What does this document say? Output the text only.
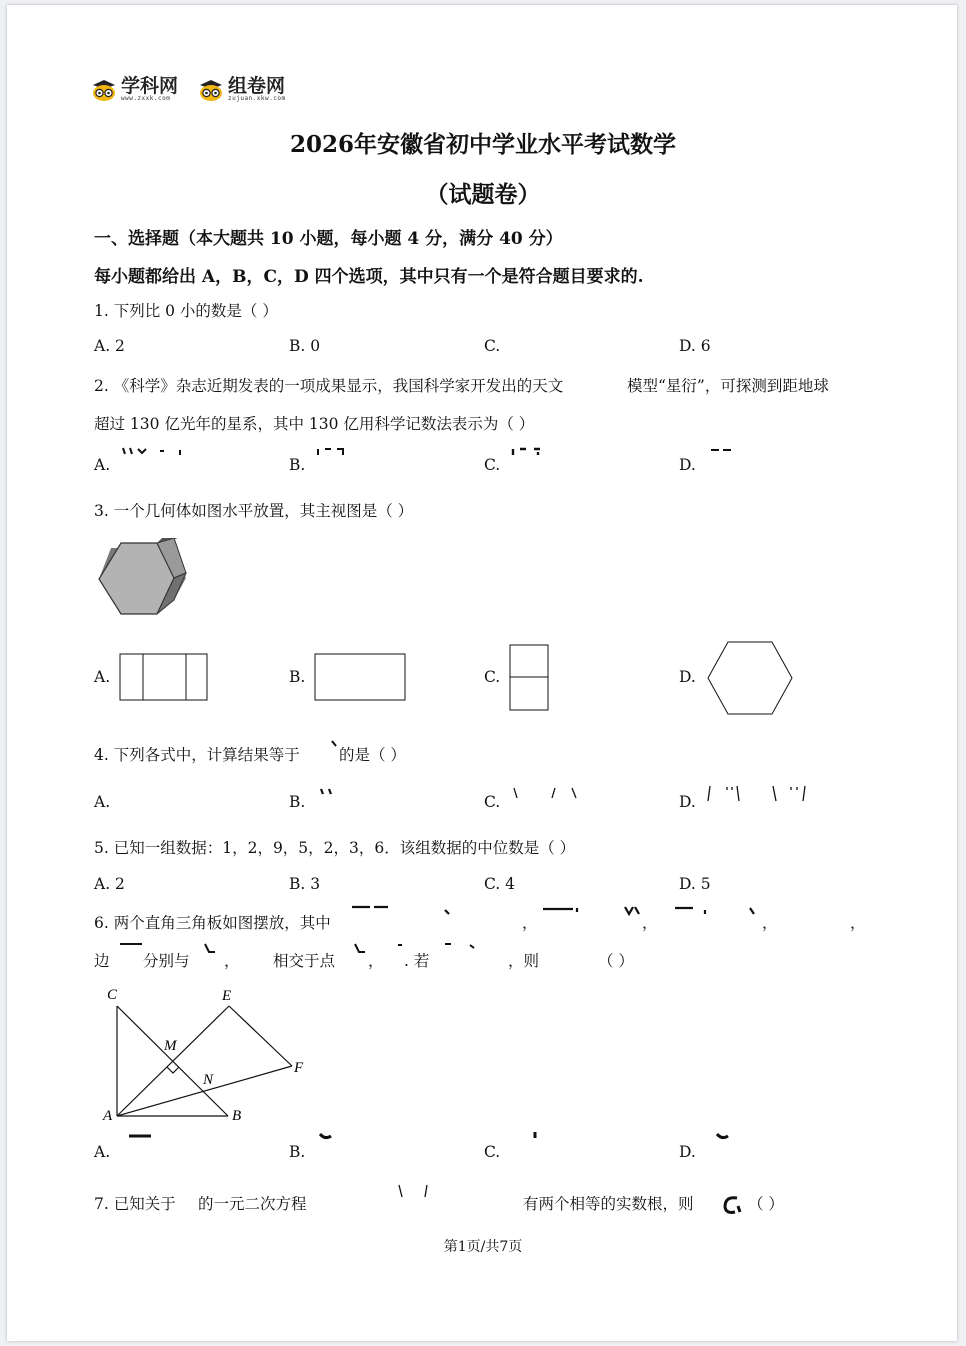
学科网
www.zxxk.com
组卷网
zujuan.xkw.com
2026年安徽省初中学业水平考试数学
（试题卷）
一、选择题（本大题共 10 小题，每小题 4 分，满分 40 分）
每小题都给出 A，B，C，D 四个选项，其中只有一个是符合题目要求的.
1. 下列比 0 小的数是（ ）
A. 2	B. 0	C.	D. 6
2. 《科学》杂志近期发表的一项成果显示，我国科学家开发出的天文	模型“星衍”，可探测到距地球
超过 130 亿光年的星系，其中 130 亿用科学记数法表示为（ ）
A.	B.	C.	D.
3. 一个几何体如图水平放置，其主视图是（ ）
A.	B.	C.	D.
4. 下列各式中，计算结果等于	的是（ ）
A.	B.	C.	D.
5. 已知一组数据：1，2，9，5，2，3，6．该组数据的中位数是（ ）
A. 2	B. 3	C. 4	D. 5
6. 两个直角三角板如图摆放，其中	，	，	，	，
边 分别与 ， 相交于点 ， . 若	，则	（ ）
C	E
M
N
F
A	B
A.	B.	C.	D.
7. 已知关于 的一元二次方程	有两个相等的实数根，则	（ ）
第1页/共7页
